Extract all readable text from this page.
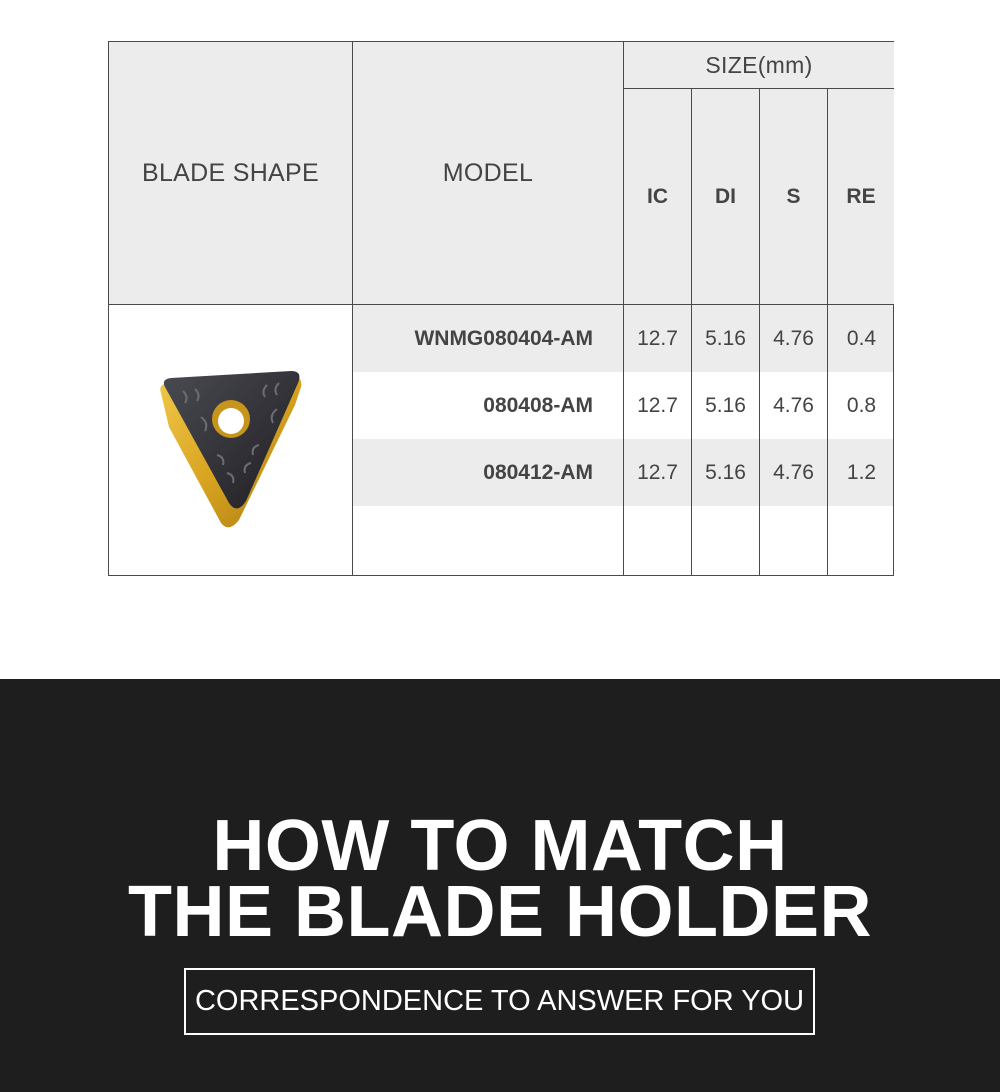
BLADE SHAPE	MODEL
SIZE(mm)
IC DI S RE
WNMG080404-AM	12.7	5.16	4.76	0.4
080408-AM	12.7	5.16	4.76	0.8
080412-AM	12.7	5.16	4.76	1.2
HOW TO MATCH
THE BLADE HOLDER
CORRESPONDENCE TO ANSWER FOR YOU
